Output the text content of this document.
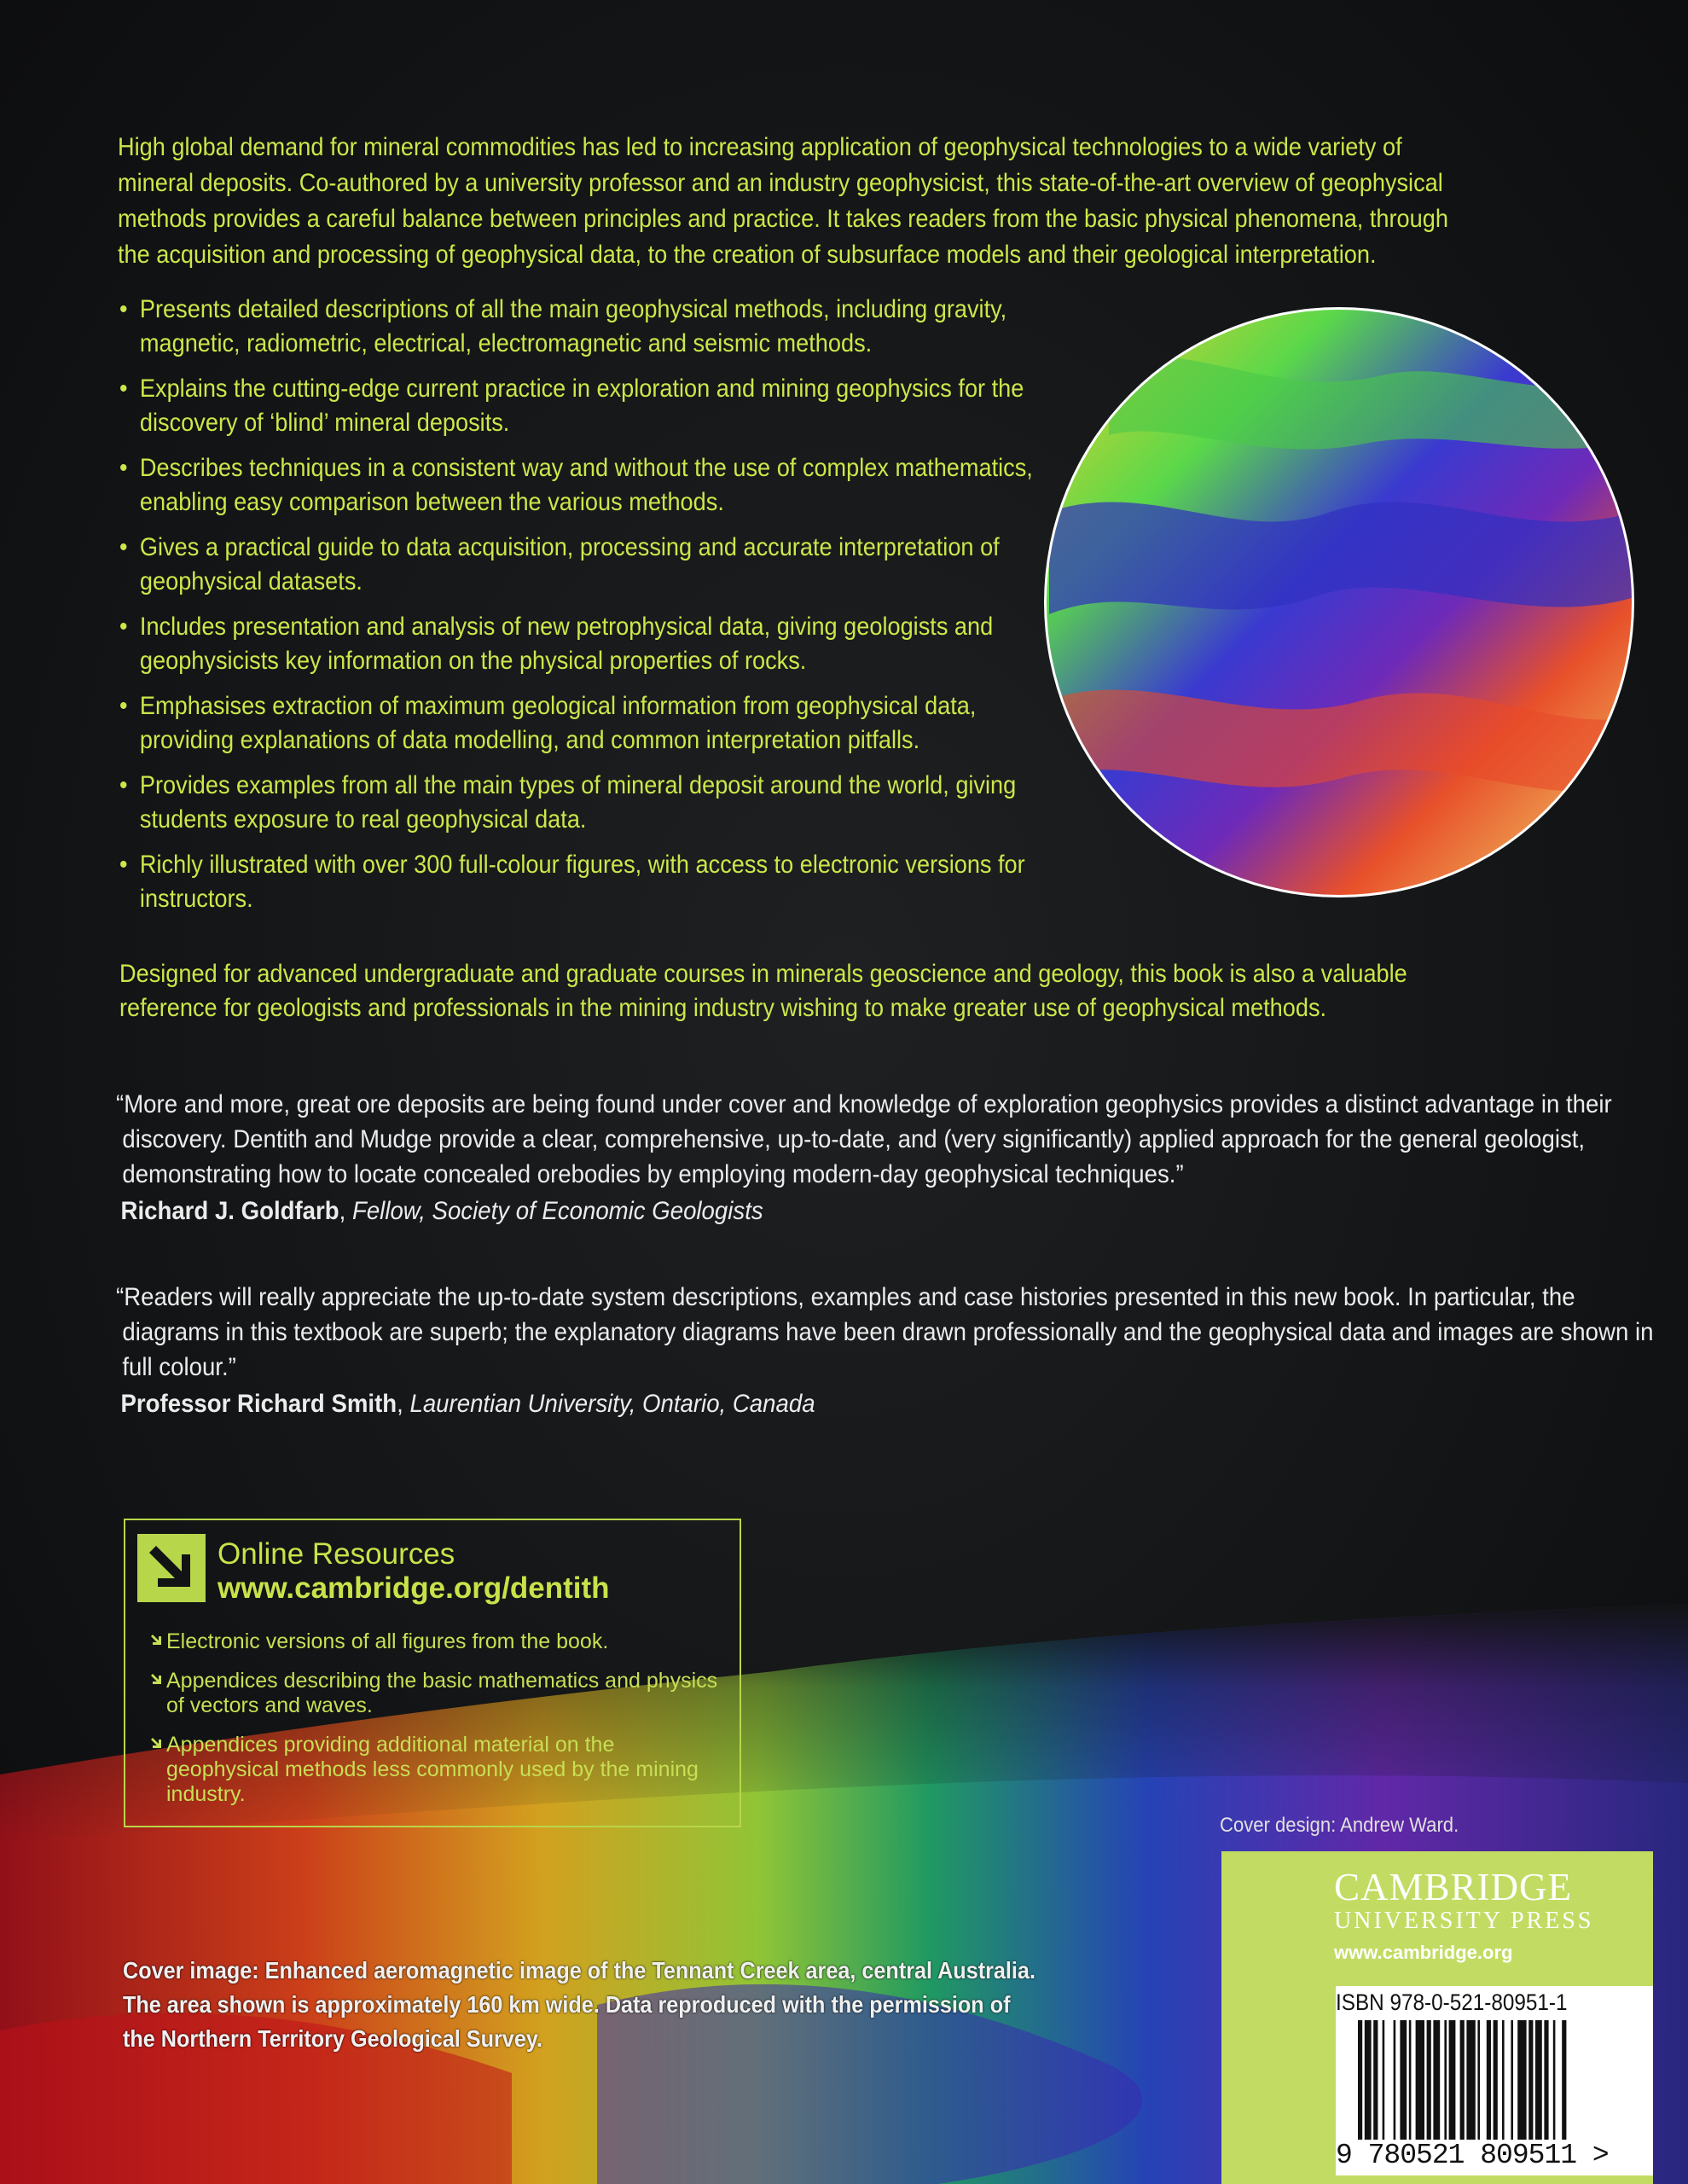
High global demand for mineral commodities has led to increasing application of geophysical technologies to a wide variety of mineral deposits. Co-authored by a university professor and an industry geophysicist, this state-of-the-art overview of geophysical methods provides a careful balance between principles and practice. It takes readers from the basic physical phenomena, through the acquisition and processing of geophysical data, to the creation of subsurface models and their geological interpretation.
• Presents detailed descriptions of all the main geophysical methods, including gravity, magnetic, radiometric, electrical, electromagnetic and seismic methods.
• Explains the cutting-edge current practice in exploration and mining geophysics for the discovery of ‘blind’ mineral deposits.
• Describes techniques in a consistent way and without the use of complex mathematics, enabling easy comparison between the various methods.
• Gives a practical guide to data acquisition, processing and accurate interpretation of geophysical datasets.
• Includes presentation and analysis of new petrophysical data, giving geologists and geophysicists key information on the physical properties of rocks.
• Emphasises extraction of maximum geological information from geophysical data, providing explanations of data modelling, and common interpretation pitfalls.
• Provides examples from all the main types of mineral deposit around the world, giving students exposure to real geophysical data.
• Richly illustrated with over 300 full-colour figures, with access to electronic versions for instructors.
Designed for advanced undergraduate and graduate courses in minerals geoscience and geology, this book is also a valuable reference for geologists and professionals in the mining industry wishing to make greater use of geophysical methods.
“More and more, great ore deposits are being found under cover and knowledge of exploration geophysics provides a distinct advantage in their discovery. Dentith and Mudge provide a clear, comprehensive, up-to-date, and (very significantly) applied approach for the general geologist, demonstrating how to locate concealed orebodies by employing modern-day geophysical techniques.”
Richard J. Goldfarb, Fellow, Society of Economic Geologists
“Readers will really appreciate the up-to-date system descriptions, examples and case histories presented in this new book. In particular, the diagrams in this textbook are superb; the explanatory diagrams have been drawn professionally and the geophysical data and images are shown in full colour.”
Professor Richard Smith, Laurentian University, Ontario, Canada
Online Resources
www.cambridge.org/dentith
Electronic versions of all figures from the book.
Appendices describing the basic mathematics and physics of vectors and waves.
Appendices providing additional material on the geophysical methods less commonly used by the mining industry.
Cover design: Andrew Ward.
Cover image: Enhanced aeromagnetic image of the Tennant Creek area, central Australia. The area shown is approximately 160 km wide. Data reproduced with the permission of the Northern Territory Geological Survey.
CAMBRIDGE
UNIVERSITY PRESS
www.cambridge.org
ISBN 978-0-521-80951-1
9 780521 809511 >
